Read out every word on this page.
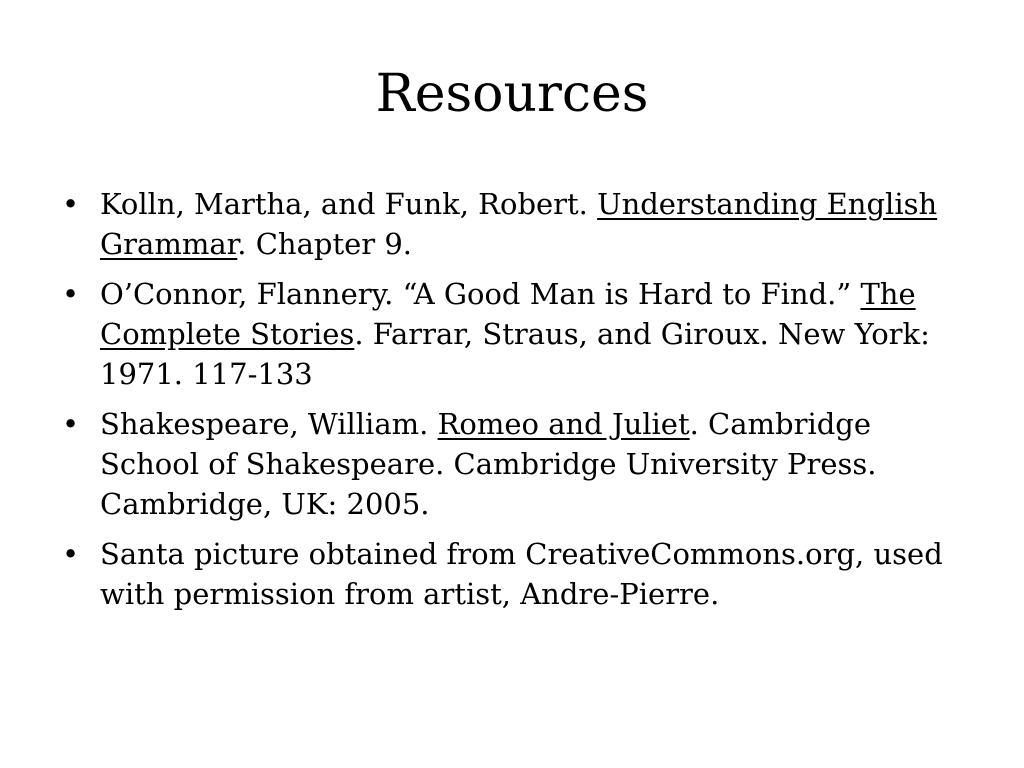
Resources
• Kolln, Martha, and Funk, Robert. Understanding English Grammar. Chapter 9.
• O’Connor, Flannery. “A Good Man is Hard to Find.” The Complete Stories. Farrar, Straus, and Giroux. New York: 1971. 117-133
• Shakespeare, William. Romeo and Juliet. Cambridge School of Shakespeare. Cambridge University Press. Cambridge, UK: 2005.
• Santa picture obtained from CreativeCommons.org, used with permission from artist, Andre-Pierre.
